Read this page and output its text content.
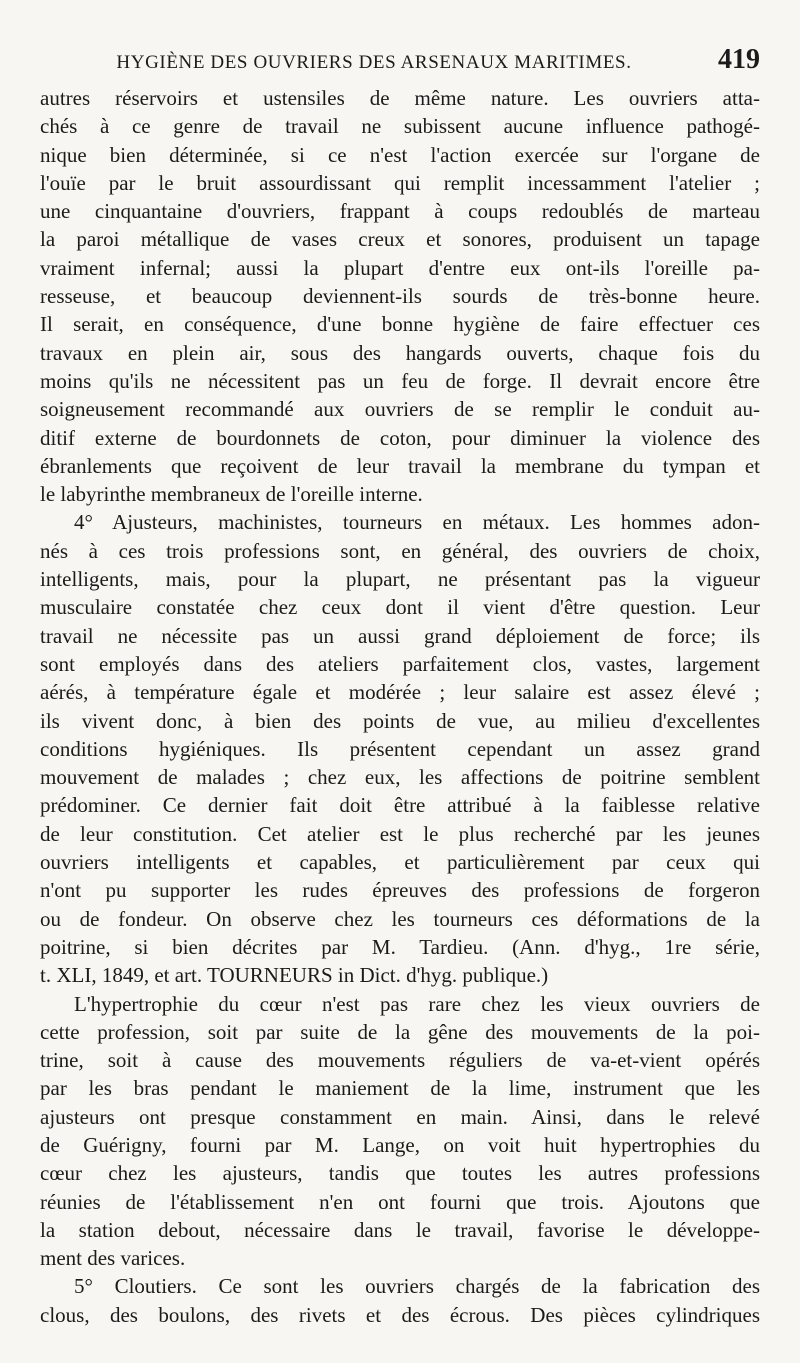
HYGIÈNE DES OUVRIERS DES ARSENAUX MARITIMES.	419
autres réservoirs et ustensiles de même nature. Les ouvriers atta-
chés à ce genre de travail ne subissent aucune influence pathogé-
nique bien déterminée, si ce n'est l'action exercée sur l'organe de
l'ouïe par le bruit assourdissant qui remplit incessamment l'atelier ;
une cinquantaine d'ouvriers, frappant à coups redoublés de marteau
la paroi métallique de vases creux et sonores, produisent un tapage
vraiment infernal; aussi la plupart d'entre eux ont-ils l'oreille pa-
resseuse, et beaucoup deviennent-ils sourds de très-bonne heure.
Il serait, en conséquence, d'une bonne hygiène de faire effectuer ces
travaux en plein air, sous des hangards ouverts, chaque fois du
moins qu'ils ne nécessitent pas un feu de forge. Il devrait encore être
soigneusement recommandé aux ouvriers de se remplir le conduit au-
ditif externe de bourdonnets de coton, pour diminuer la violence des
ébranlements que reçoivent de leur travail la membrane du tympan et
le labyrinthe membraneux de l'oreille interne.
4° Ajusteurs, machinistes, tourneurs en métaux. Les hommes adon-
nés à ces trois professions sont, en général, des ouvriers de choix,
intelligents, mais, pour la plupart, ne présentant pas la vigueur
musculaire constatée chez ceux dont il vient d'être question. Leur
travail ne nécessite pas un aussi grand déploiement de force; ils
sont employés dans des ateliers parfaitement clos, vastes, largement
aérés, à température égale et modérée ; leur salaire est assez élevé ;
ils vivent donc, à bien des points de vue, au milieu d'excellentes
conditions hygiéniques. Ils présentent cependant un assez grand
mouvement de malades ; chez eux, les affections de poitrine semblent
prédominer. Ce dernier fait doit être attribué à la faiblesse relative
de leur constitution. Cet atelier est le plus recherché par les jeunes
ouvriers intelligents et capables, et particulièrement par ceux qui
n'ont pu supporter les rudes épreuves des professions de forgeron
ou de fondeur. On observe chez les tourneurs ces déformations de la
poitrine, si bien décrites par M. Tardieu. (Ann. d'hyg., 1re série,
t. XLI, 1849, et art. TOURNEURS in Dict. d'hyg. publique.)
L'hypertrophie du cœur n'est pas rare chez les vieux ouvriers de
cette profession, soit par suite de la gêne des mouvements de la poi-
trine, soit à cause des mouvements réguliers de va-et-vient opérés
par les bras pendant le maniement de la lime, instrument que les
ajusteurs ont presque constamment en main. Ainsi, dans le relevé
de Guérigny, fourni par M. Lange, on voit huit hypertrophies du
cœur chez les ajusteurs, tandis que toutes les autres professions
réunies de l'établissement n'en ont fourni que trois. Ajoutons que
la station debout, nécessaire dans le travail, favorise le développe-
ment des varices.
5° Cloutiers. Ce sont les ouvriers chargés de la fabrication des
clous, des boulons, des rivets et des écrous. Des pièces cylindriques
